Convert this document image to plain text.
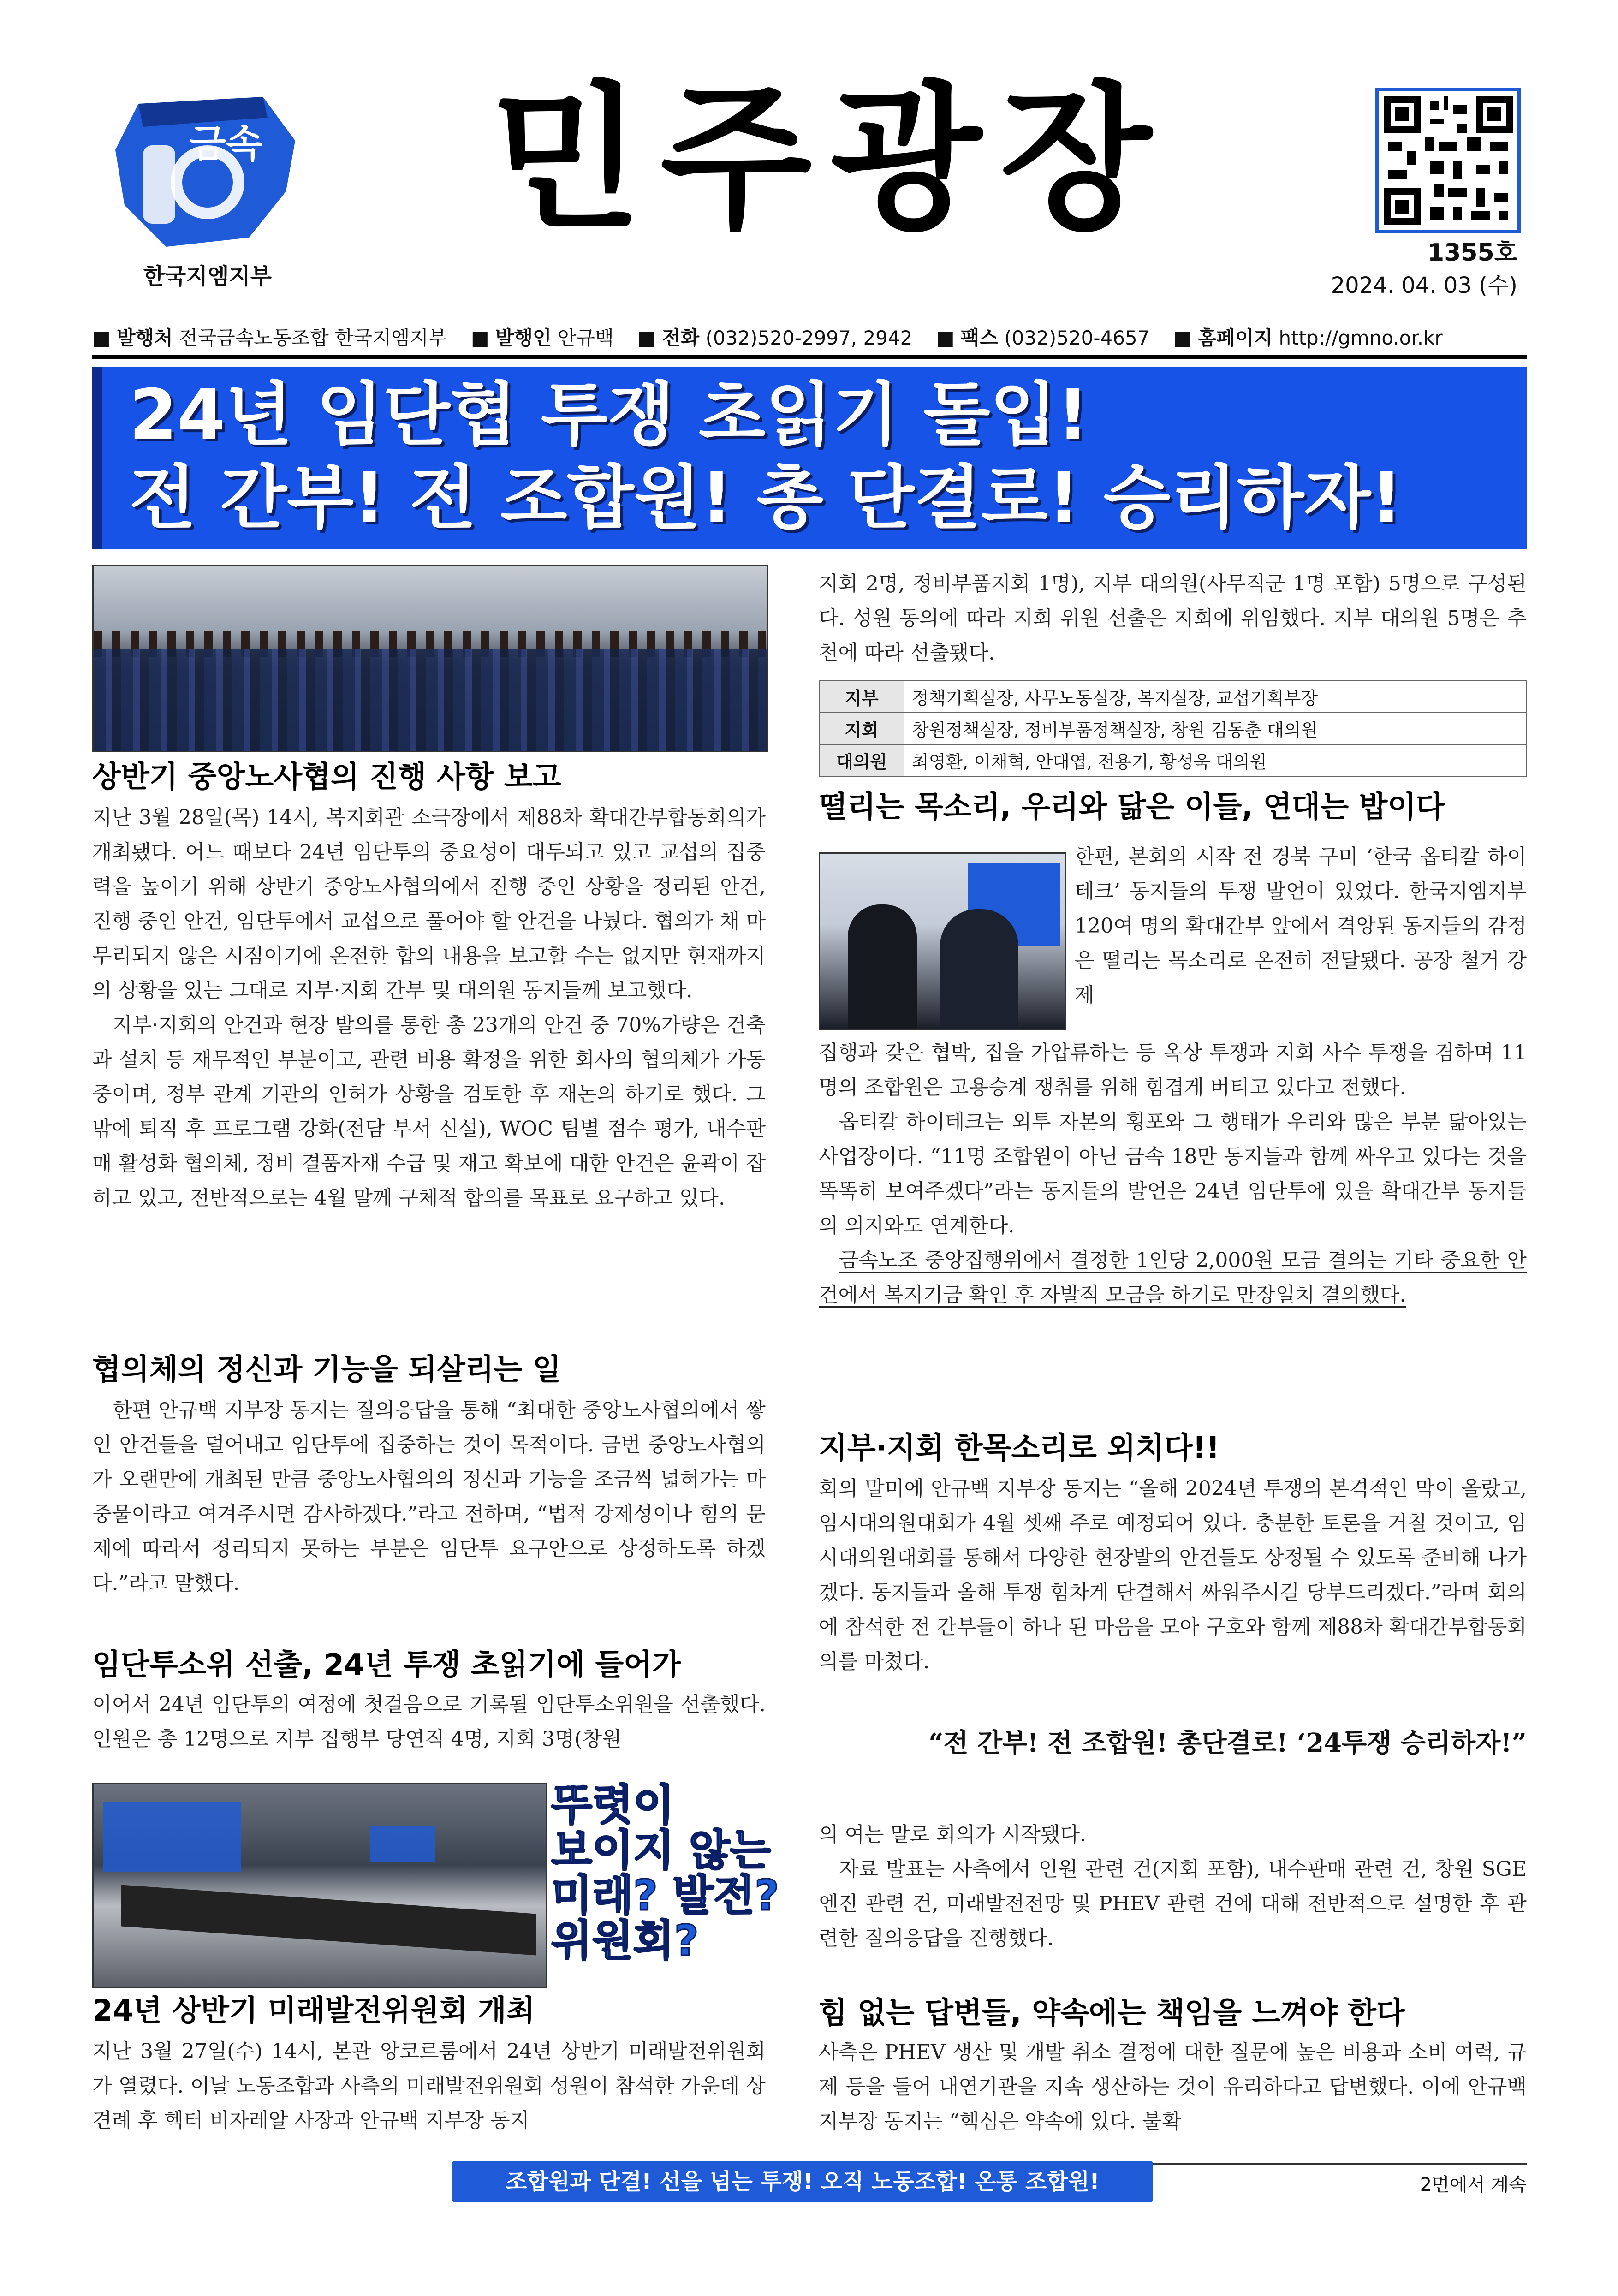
금속
한국지엠지부
민주광장
1355호
2024. 04. 03 (수)
■ 발행처 전국금속노동조합 한국지엠지부 ■ 발행인 안규백 ■ 전화 (032)520-2997, 2942 ■ 팩스 (032)520-4657 ■ 홈페이지 http://gmno.or.kr
24년 임단협 투쟁 초읽기 돌입!
전 간부! 전 조합원! 총 단결로! 승리하자!
상반기 중앙노사협의 진행 사항 보고

지난 3월 28일(목) 14시, 복지회관 소극장에서 제88차 확대간부합동회의가 개최됐다. 어느 때보다 24년 임단투의 중요성이 대두되고 있고 교섭의 집중력을 높이기 위해 상반기 중앙노사협의에서 진행 중인 상황을 정리된 안건, 진행 중인 안건, 임단투에서 교섭으로 풀어야 할 안건을 나눴다. 협의가 채 마무리되지 않은 시점이기에 온전한 합의 내용을 보고할 수는 없지만 현재까지의 상황을 있는 그대로 지부·지회 간부 및 대의원 동지들께 보고했다.

지부·지회의 안건과 현장 발의를 통한 총 23개의 안건 중 70%가량은 건축과 설치 등 재무적인 부분이고, 관련 비용 확정을 위한 회사의 협의체가 가동 중이며, 정부 관계 기관의 인허가 상황을 검토한 후 재논의 하기로 했다. 그 밖에 퇴직 후 프로그램 강화(전담 부서 신설), WOC 팀별 점수 평가, 내수판매 활성화 협의체, 정비 결품자재 수급 및 재고 확보에 대한 안건은 윤곽이 잡히고 있고, 전반적으로는 4월 말께 구체적 합의를 목표로 요구하고 있다.

협의체의 정신과 기능을 되살리는 일

한편 안규백 지부장 동지는 질의응답을 통해 “최대한 중앙노사협의에서 쌓인 안건들을 덜어내고 임단투에 집중하는 것이 목적이다. 금번 중앙노사협의가 오랜만에 개최된 만큼 중앙노사협의의 정신과 기능을 조금씩 넓혀가는 마중물이라고 여겨주시면 감사하겠다.”라고 전하며, “법적 강제성이나 힘의 문제에 따라서 정리되지 못하는 부분은 임단투 요구안으로 상정하도록 하겠다.”라고 말했다.

임단투소위 선출, 24년 투쟁 초읽기에 들어가

이어서 24년 임단투의 여정에 첫걸음으로 기록될 임단투소위원을 선출했다. 인원은 총 12명으로 지부 집행부 당연직 4명, 지회 3명(창원

지회 2명, 정비부품지회 1명), 지부 대의원(사무직군 1명 포함) 5명으로 구성된다. 성원 동의에 따라 지회 위원 선출은 지회에 위임했다. 지부 대의원 5명은 추천에 따라 선출됐다.

지부	정책기획실장, 사무노동실장, 복지실장, 교섭기획부장
지회	창원정책실장, 정비부품정책실장, 창원 김동춘 대의원
대의원	최영환, 이채혁, 안대엽, 전용기, 황성욱 대의원
떨리는 목소리, 우리와 닮은 이들, 연대는 밥이다

한편, 본회의 시작 전 경북 구미 ‘한국 옵티칼 하이테크’ 동지들의 투쟁 발언이 있었다. 한국지엠지부 120여 명의 확대간부 앞에서 격앙된 동지들의 감정은 떨리는 목소리로 온전히 전달됐다. 공장 철거 강제

집행과 갖은 협박, 집을 가압류하는 등 옥상 투쟁과 지회 사수 투쟁을 겸하며 11명의 조합원은 고용승계 쟁취를 위해 힘겹게 버티고 있다고 전했다.

옵티칼 하이테크는 외투 자본의 횡포와 그 행태가 우리와 많은 부분 닮아있는 사업장이다. “11명 조합원이 아닌 금속 18만 동지들과 함께 싸우고 있다는 것을 똑똑히 보여주겠다”라는 동지들의 발언은 24년 임단투에 있을 확대간부 동지들의 의지와도 연계한다.

금속노조 중앙집행위에서 결정한 1인당 2,000원 모금 결의는 기타 중요한 안건에서 복지기금 확인 후 자발적 모금을 하기로 만장일치 결의했다.

지부·지회 한목소리로 외치다!!

회의 말미에 안규백 지부장 동지는 “올해 2024년 투쟁의 본격적인 막이 올랐고, 임시대의원대회가 4월 셋째 주로 예정되어 있다. 충분한 토론을 거칠 것이고, 임시대의원대회를 통해서 다양한 현장발의 안건들도 상정될 수 있도록 준비해 나가겠다. 동지들과 올해 투쟁 힘차게 단결해서 싸워주시길 당부드리겠다.”라며 회의에 참석한 전 간부들이 하나 된 마음을 모아 구호와 함께 제88차 확대간부합동회의를 마쳤다.

“전 간부! 전 조합원! 총단결로! ‘24투쟁 승리하자!”
뚜렷이
보이지 않는
미래? 발전?
위원회?
24년 상반기 미래발전위원회 개최

지난 3월 27일(수) 14시, 본관 앙코르룸에서 24년 상반기 미래발전위원회가 열렸다. 이날 노동조합과 사측의 미래발전위원회 성원이 참석한 가운데 상견례 후 헥터 비자레알 사장과 안규백 지부장 동지

의 여는 말로 회의가 시작됐다.

자료 발표는 사측에서 인원 관련 건(지회 포함), 내수판매 관련 건, 창원 SGE엔진 관련 건, 미래발전전망 및 PHEV 관련 건에 대해 전반적으로 설명한 후 관련한 질의응답을 진행했다.

힘 없는 답변들, 약속에는 책임을 느껴야 한다

사측은 PHEV 생산 및 개발 취소 결정에 대한 질문에 높은 비용과 소비 여력, 규제 등을 들어 내연기관을 지속 생산하는 것이 유리하다고 답변했다. 이에 안규백 지부장 동지는 “핵심은 약속에 있다. 불확

조합원과 단결! 선을 넘는 투쟁! 오직 노동조합! 온통 조합원!	2면에서 계속
